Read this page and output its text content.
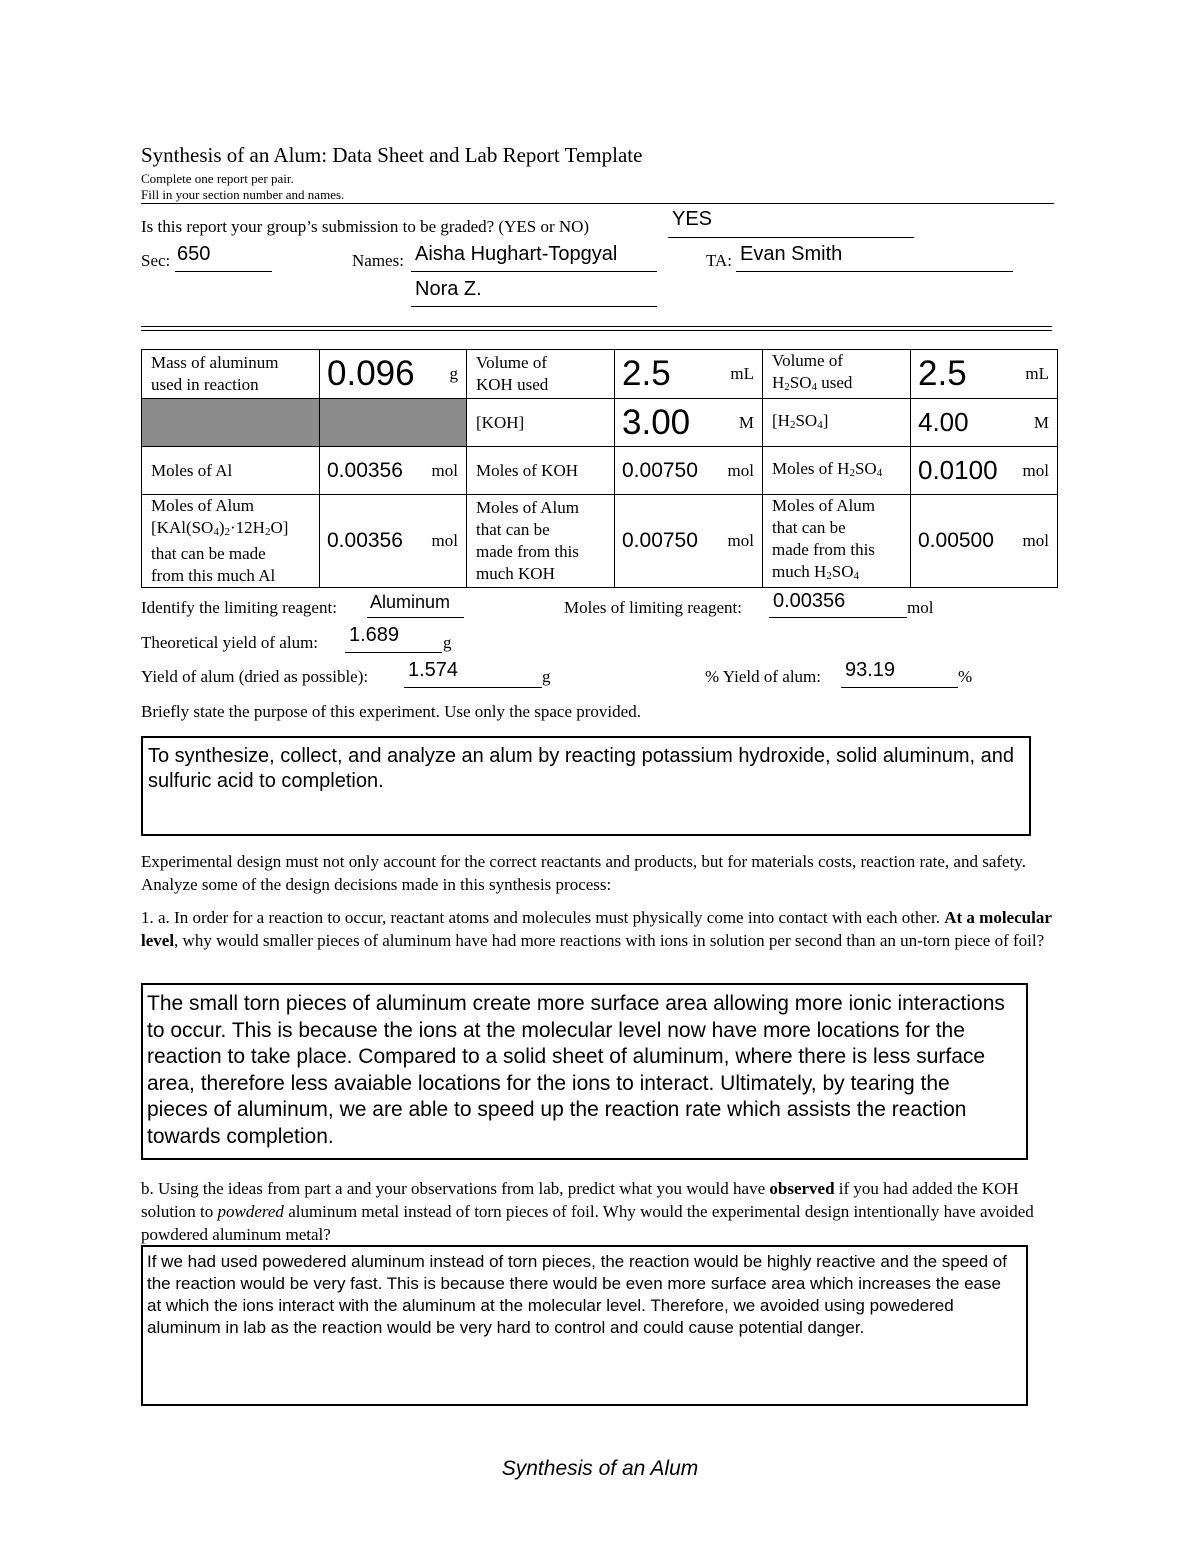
Synthesis of an Alum: Data Sheet and Lab Report Template
Complete one report per pair.
Fill in your section number and names.
Is this report your group’s submission to be graded? (YES or NO)	YES
Sec: 650	Names: Aisha Hughart-Topgyal
Nora Z.
TA: Evan Smith
Mass of aluminum
used in reaction	0.096 g	Volume of
KOH used	2.5 mL	Volume of
$H_2SO_4$ used	2.5 mL

		[KOH]	3.00 M	$[H_2SO_4]$	4.00 M

Moles of Al	0.00356 mol	Moles of KOH	0.00750 mol	Moles of $H_2SO_4$	0.0100 mol

Moles of Alum
$[KAl(SO_4)_2\cdot 12H_2O]$
that can be made
from this much Al	0.00356 mol	Moles of Alum
that can be
made from this
much KOH	0.00750 mol	Moles of Alum
that can be
made from this
much $H_2SO_4$	0.00500 mol
Identify the limiting reagent: Aluminum	Moles of limiting reagent: 0.00356	mol
Theoretical yield of alum: 1.689	g
Yield of alum (dried as possible): 1.574	g	% Yield of alum: 93.19	%
Briefly state the purpose of this experiment. Use only the space provided.
To synthesize, collect, and analyze an alum by reacting potassium hydroxide, solid aluminum, and sulfuric acid to completion.
Experimental design must not only account for the correct reactants and products, but for materials costs, reaction rate, and safety. Analyze some of the design decisions made in this synthesis process:
1. a. In order for a reaction to occur, reactant atoms and molecules must physically come into contact with each other. At a molecular level, why would smaller pieces of aluminum have had more reactions with ions in solution per second than an un-torn piece of foil?
The small torn pieces of aluminum create more surface area allowing more ionic interactions to occur. This is because the ions at the molecular level now have more locations for the reaction to take place. Compared to a solid sheet of aluminum, where there is less surface area, therefore less avaiable locations for the ions to interact. Ultimately, by tearing the pieces of aluminum, we are able to speed up the reaction rate which assists the reaction towards completion.
b. Using the ideas from part a and your observations from lab, predict what you would have observed if you had added the KOH solution to powdered aluminum metal instead of torn pieces of foil. Why would the experimental design intentionally have avoided powdered aluminum metal?
If we had used powedered aluminum instead of torn pieces, the reaction would be highly reactive and the speed of the reaction would be very fast. This is because there would be even more surface area which increases the ease at which the ions interact with the aluminum at the molecular level. Therefore, we avoided using powedered aluminum in lab as the reaction would be very hard to control and could cause potential danger.
Synthesis of an Alum
